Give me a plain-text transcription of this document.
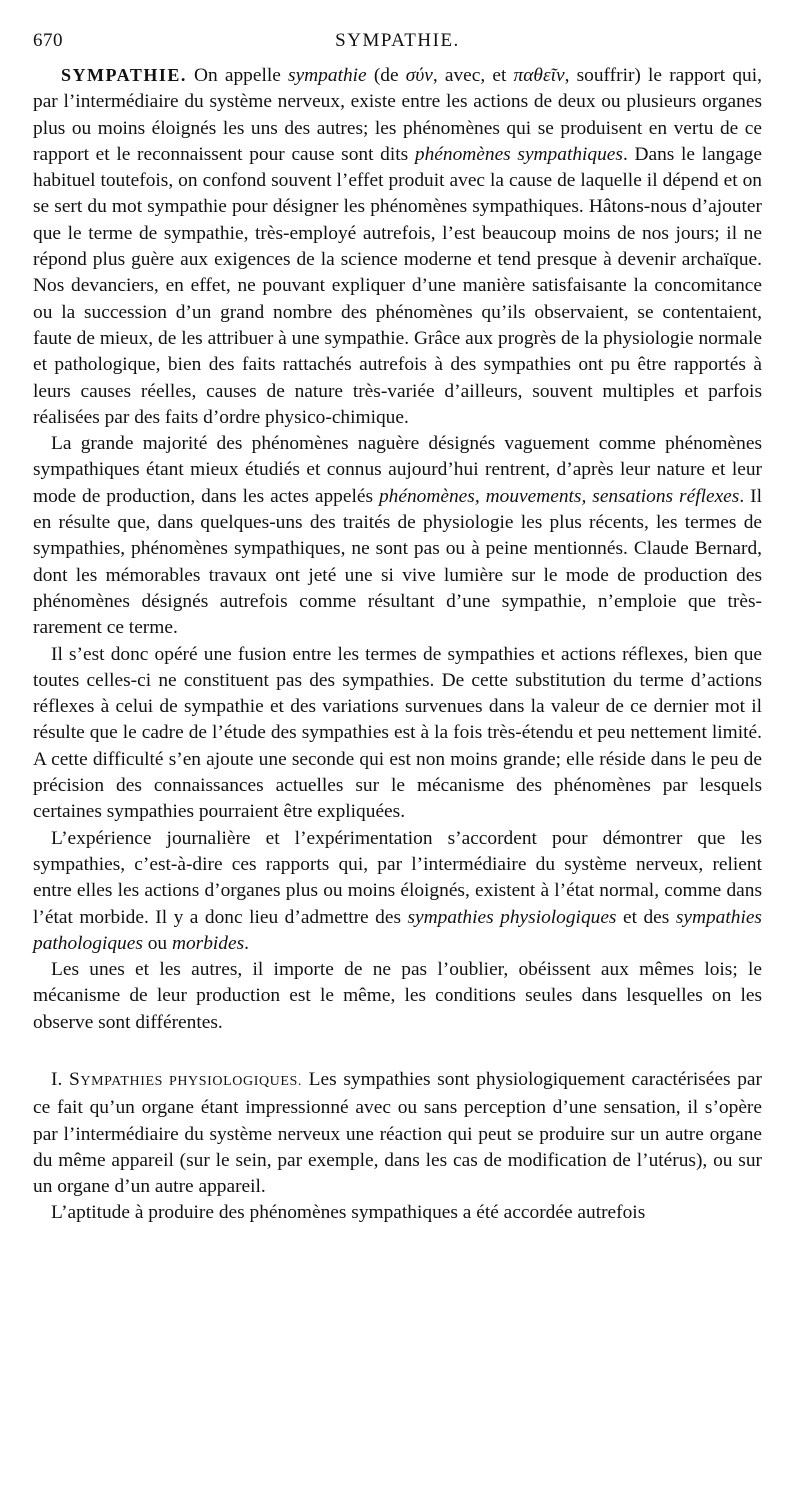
670	SYMPATHIE.

SYMPATHIE. On appelle sympathie (de σύν, avec, et παθεῖν, souffrir) le rapport qui, par l’intermédiaire du système nerveux, existe entre les actions de deux ou plusieurs organes plus ou moins éloignés les uns des autres; les phénomènes qui se produisent en vertu de ce rapport et le reconnaissent pour cause sont dits phénomènes sympathiques. Dans le langage habituel toutefois, on confond souvent l’effet produit avec la cause de laquelle il dépend et on se sert du mot sympathie pour désigner les phénomènes sympathiques. Hâtons-nous d’ajouter que le terme de sympathie, très-employé autrefois, l’est beaucoup moins de nos jours; il ne répond plus guère aux exigences de la science moderne et tend presque à devenir archaïque. Nos devanciers, en effet, ne pouvant expliquer d’une manière satisfaisante la concomitance ou la succession d’un grand nombre des phénomènes qu’ils observaient, se contentaient, faute de mieux, de les attribuer à une sympathie. Grâce aux progrès de la physiologie normale et pathologique, bien des faits rattachés autrefois à des sympathies ont pu être rapportés à leurs causes réelles, causes de nature très-variée d’ailleurs, souvent multiples et parfois réalisées par des faits d’ordre physico-chimique.

La grande majorité des phénomènes naguère désignés vaguement comme phénomènes sympathiques étant mieux étudiés et connus aujourd’hui rentrent, d’après leur nature et leur mode de production, dans les actes appelés phénomènes, mouvements, sensations réflexes. Il en résulte que, dans quelques-uns des traités de physiologie les plus récents, les termes de sympathies, phénomènes sympathiques, ne sont pas ou à peine mentionnés. Claude Bernard, dont les mémorables travaux ont jeté une si vive lumière sur le mode de production des phénomènes désignés autrefois comme résultant d’une sympathie, n’emploie que très-rarement ce terme.

Il s’est donc opéré une fusion entre les termes de sympathies et actions réflexes, bien que toutes celles-ci ne constituent pas des sympathies. De cette substitution du terme d’actions réflexes à celui de sympathie et des variations survenues dans la valeur de ce dernier mot il résulte que le cadre de l’étude des sympathies est à la fois très-étendu et peu nettement limité. A cette difficulté s’en ajoute une seconde qui est non moins grande; elle réside dans le peu de précision des connaissances actuelles sur le mécanisme des phénomènes par lesquels certaines sympathies pourraient être expliquées.

L’expérience journalière et l’expérimentation s’accordent pour démontrer que les sympathies, c’est-à-dire ces rapports qui, par l’intermédiaire du système nerveux, relient entre elles les actions d’organes plus ou moins éloignés, existent à l’état normal, comme dans l’état morbide. Il y a donc lieu d’admettre des sympathies physiologiques et des sympathies pathologiques ou morbides.

Les unes et les autres, il importe de ne pas l’oublier, obéissent aux mêmes lois; le mécanisme de leur production est le même, les conditions seules dans lesquelles on les observe sont différentes.

I. SYMPATHIES PHYSIOLOGIQUES. Les sympathies sont physiologiquement caractérisées par ce fait qu’un organe étant impressionné avec ou sans perception d’une sensation, il s’opère par l’intermédiaire du système nerveux une réaction qui peut se produire sur un autre organe du même appareil (sur le sein, par exemple, dans les cas de modification de l’utérus), ou sur un organe d’un autre appareil.

L’aptitude à produire des phénomènes sympathiques a été accordée autrefois
